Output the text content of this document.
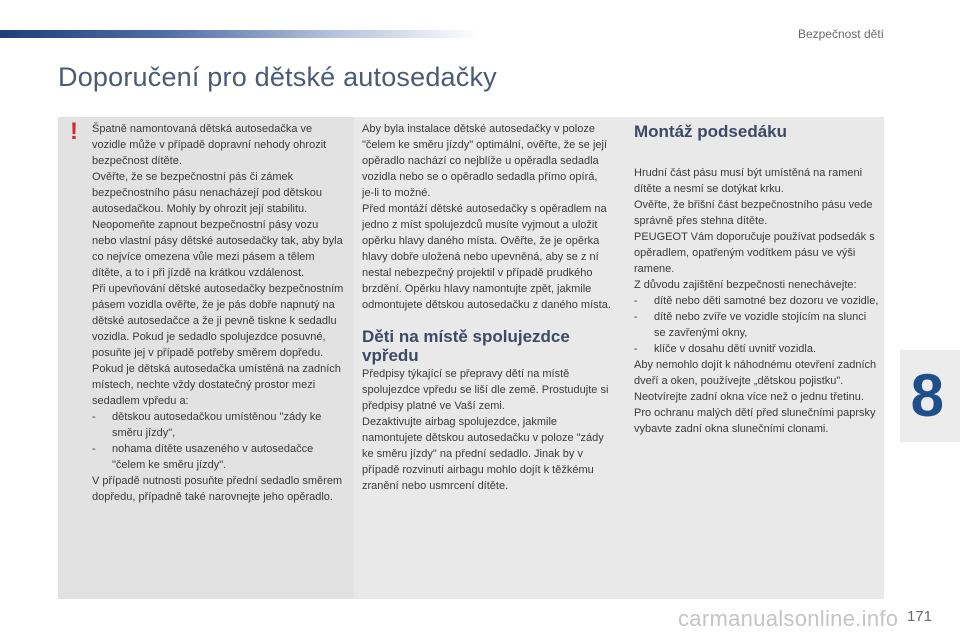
Bezpečnost dětí
Doporučení pro dětské autosedačky
!	Špatně namontovaná dětská autosedačka ve vozidle může v případě dopravní nehody ohrozit bezpečnost dítěte.

Ověřte, že se bezpečnostní pás či zámek bezpečnostního pásu nenacházejí pod dětskou autosedačkou. Mohly by ohrozit její stabilitu.

Neopomeňte zapnout bezpečnostní pásy vozu nebo vlastní pásy dětské autosedačky tak, aby byla co nejvíce omezena vůle mezi pásem a tělem dítěte, a to i při jízdě na krátkou vzdálenost.

Při upevňování dětské autosedačky bezpečnostním pásem vozidla ověřte, že je pás dobře napnutý na dětské autosedačce a že ji pevně tiskne k sedadlu vozidla. Pokud je sedadlo spolujezdce posuvné, posuňte jej v případě potřeby směrem dopředu.

Pokud je dětská autosedačka umístěná na zadních místech, nechte vždy dostatečný prostor mezi sedadlem vpředu a:

-	dětskou autosedačkou umístěnou "zády ke směru jízdy",
-	nohama dítěte usazeného v autosedačce "čelem ke směru jízdy".

V případě nutnosti posuňte přední sedadlo směrem dopředu, případně také narovnejte jeho opěradlo.

Aby byla instalace dětské autosedačky v poloze "čelem ke směru jízdy" optimální, ověřte, že se její opěradlo nachází co nejblíže u opěradla sedadla vozidla nebo se o opěradlo sedadla přímo opírá, je-li to možné.

Před montáží dětské autosedačky s opěradlem na jedno z míst spolujezdců musíte vyjmout a uložit opěrku hlavy daného místa. Ověřte, že je opěrka hlavy dobře uložená nebo upevněná, aby se z ní nestal nebezpečný projektil v případě prudkého brzdění. Opěrku hlavy namontujte zpět, jakmile odmontujete dětskou autosedačku z daného místa.

Děti na místě spolujezdce vpředu

Předpisy týkající se přepravy dětí na místě spolujezdce vpředu se liší dle země. Prostudujte si předpisy platné ve Vaší zemi.

Dezaktivujte airbag spolujezdce, jakmile namontujete dětskou autosedačku v poloze "zády ke směru jízdy" na přední sedadlo. Jinak by v případě rozvinutí airbagu mohlo dojít k těžkému zranění nebo usmrcení dítěte.

Montáž podsedáku

Hrudní část pásu musí být umístěná na rameni dítěte a nesmí se dotýkat krku.

Ověřte, že břišní část bezpečnostního pásu vede správně přes stehna dítěte.

PEUGEOT Vám doporučuje používat podsedák s opěradlem, opatřeným vodítkem pásu ve výši ramene.

Z důvodu zajištění bezpečnosti nenechávejte:

-	dítě nebo děti samotné bez dozoru ve vozidle,
-	dítě nebo zvíře ve vozidle stojícím na slunci se zavřenými okny,
-	klíče v dosahu dětí uvnitř vozidla.

Aby nemohlo dojít k náhodnému otevření zadních dveří a oken, používejte „dětskou pojistku".

Neotvírejte zadní okna více než o jednu třetinu.

Pro ochranu malých dětí před slunečními paprsky vybavte zadní okna slunečními clonami.	8
171
carmanualsonline.info
